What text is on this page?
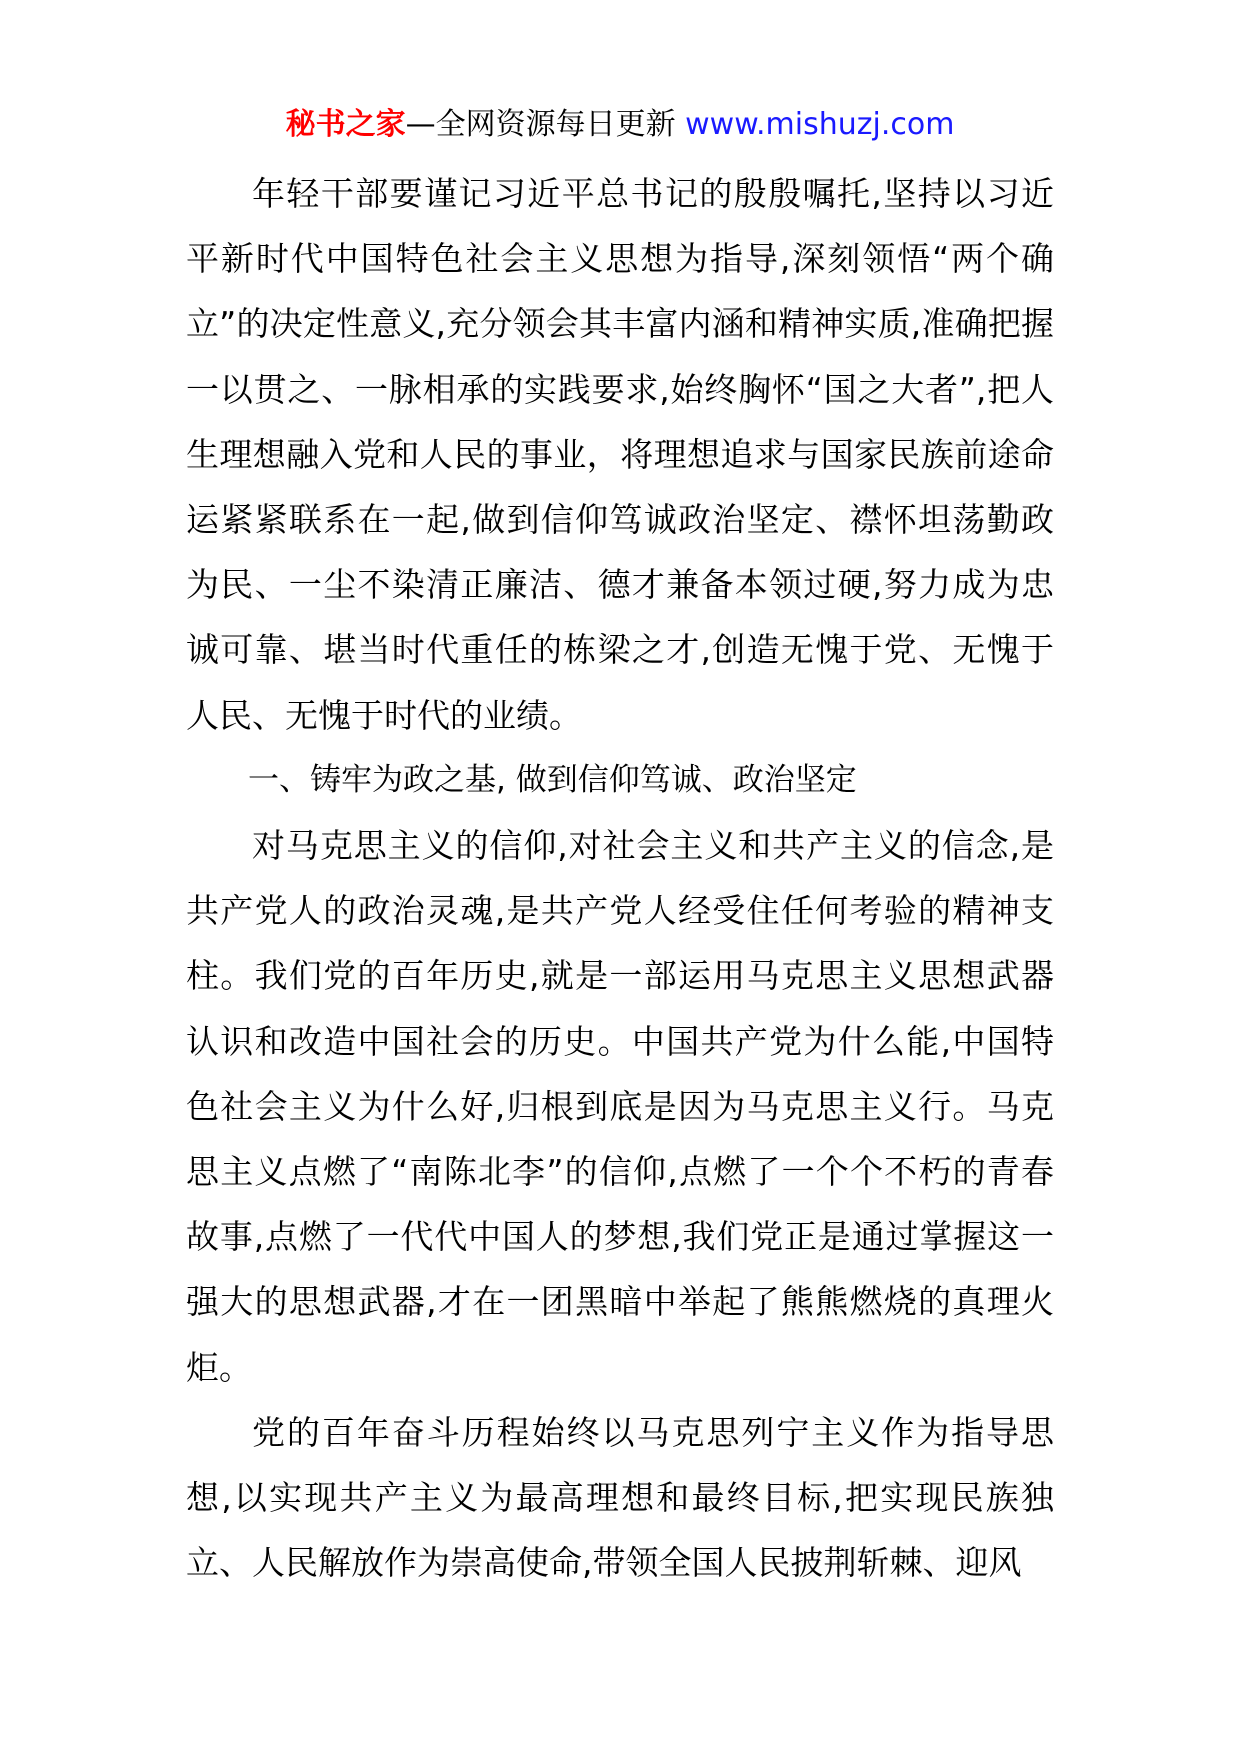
秘书之家—全网资源每日更新 www.mishuzj.com

年轻干部要谨记习近平总书记的殷殷嘱托,坚持以习近平新时代中国特色社会主义思想为指导,深刻领悟“两个确立”的决定性意义,充分领会其丰富内涵和精神实质,准确把握一以贯之、一脉相承的实践要求,始终胸怀“国之大者”,把人生理想融入党和人民的事业，将理想追求与国家民族前途命运紧紧联系在一起,做到信仰笃诚政治坚定、襟怀坦荡勤政为民、一尘不染清正廉洁、德才兼备本领过硬,努力成为忠诚可靠、堪当时代重任的栋梁之才,创造无愧于党、无愧于人民、无愧于时代的业绩。

一、铸牢为政之基, 做到信仰笃诚、政治坚定

对马克思主义的信仰,对社会主义和共产主义的信念,是共产党人的政治灵魂,是共产党人经受住任何考验的精神支柱。我们党的百年历史,就是一部运用马克思主义思想武器认识和改造中国社会的历史。中国共产党为什么能,中国特色社会主义为什么好,归根到底是因为马克思主义行。马克思主义点燃了“南陈北李”的信仰,点燃了一个个不朽的青春故事,点燃了一代代中国人的梦想,我们党正是通过掌握这一强大的思想武器,才在一团黑暗中举起了熊熊燃烧的真理火炬。

党的百年奋斗历程始终以马克思列宁主义作为指导思想,以实现共产主义为最高理想和最终目标,把实现民族独立、人民解放作为崇高使命,带领全国人民披荆斩棘、迎风
